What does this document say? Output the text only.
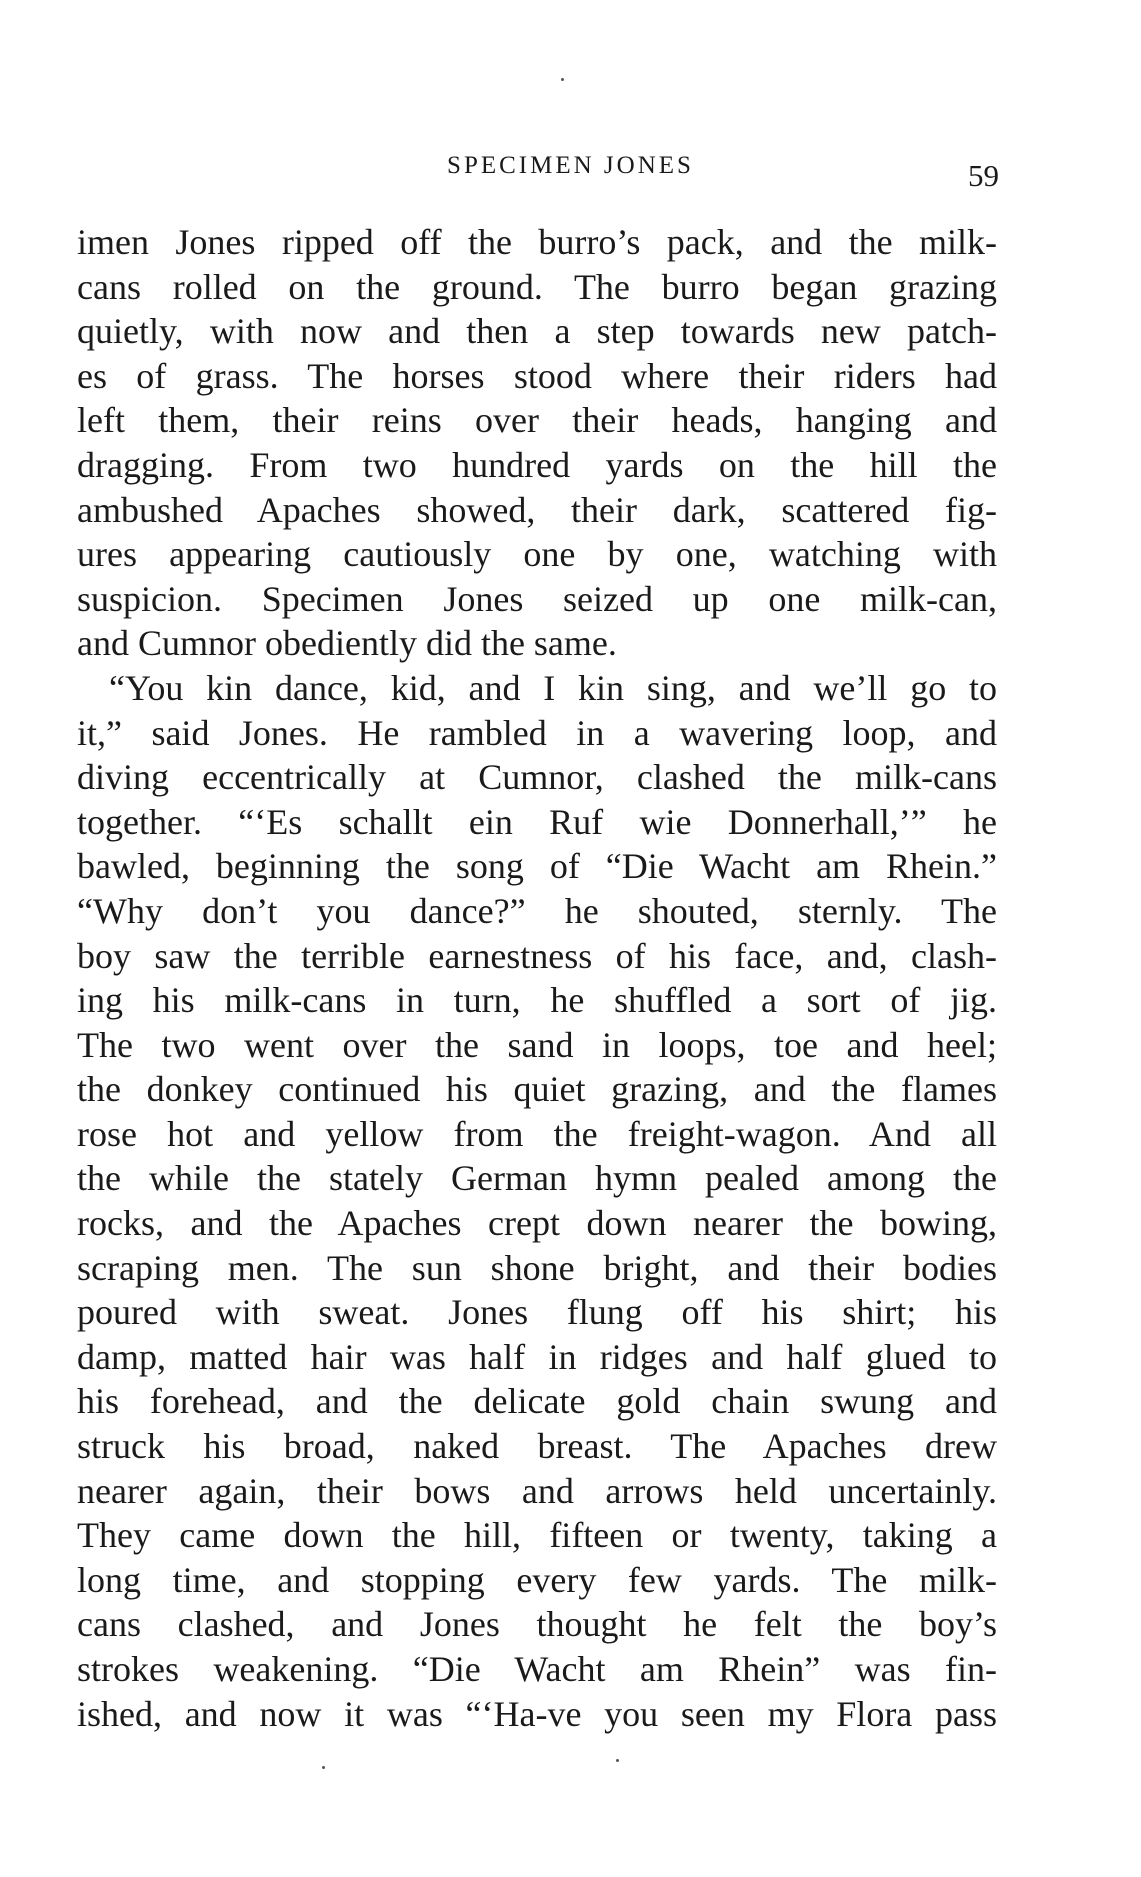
SPECIMEN JONES	59
imen Jones ripped off the burro’s pack, and the milk-
cans rolled on the ground. The burro began grazing
quietly, with now and then a step towards new patch-
es of grass. The horses stood where their riders had
left them, their reins over their heads, hanging and
dragging. From two hundred yards on the hill the
ambushed Apaches showed, their dark, scattered fig-
ures appearing cautiously one by one, watching with
suspicion. Specimen Jones seized up one milk-can,
and Cumnor obediently did the same.
“You kin dance, kid, and I kin sing, and we’ll go to
it,” said Jones. He rambled in a wavering loop, and
diving eccentrically at Cumnor, clashed the milk-cans
together. “‘Es schallt ein Ruf wie Donnerhall,’” he
bawled, beginning the song of “Die Wacht am Rhein.”
“Why don’t you dance?” he shouted, sternly. The
boy saw the terrible earnestness of his face, and, clash-
ing his milk-cans in turn, he shuffled a sort of jig.
The two went over the sand in loops, toe and heel;
the donkey continued his quiet grazing, and the flames
rose hot and yellow from the freight-wagon. And all
the while the stately German hymn pealed among the
rocks, and the Apaches crept down nearer the bowing,
scraping men. The sun shone bright, and their bodies
poured with sweat. Jones flung off his shirt; his
damp, matted hair was half in ridges and half glued to
his forehead, and the delicate gold chain swung and
struck his broad, naked breast. The Apaches drew
nearer again, their bows and arrows held uncertainly.
They came down the hill, fifteen or twenty, taking a
long time, and stopping every few yards. The milk-
cans clashed, and Jones thought he felt the boy’s
strokes weakening. “Die Wacht am Rhein” was fin-
ished, and now it was “‘Ha-ve you seen my Flora pass
